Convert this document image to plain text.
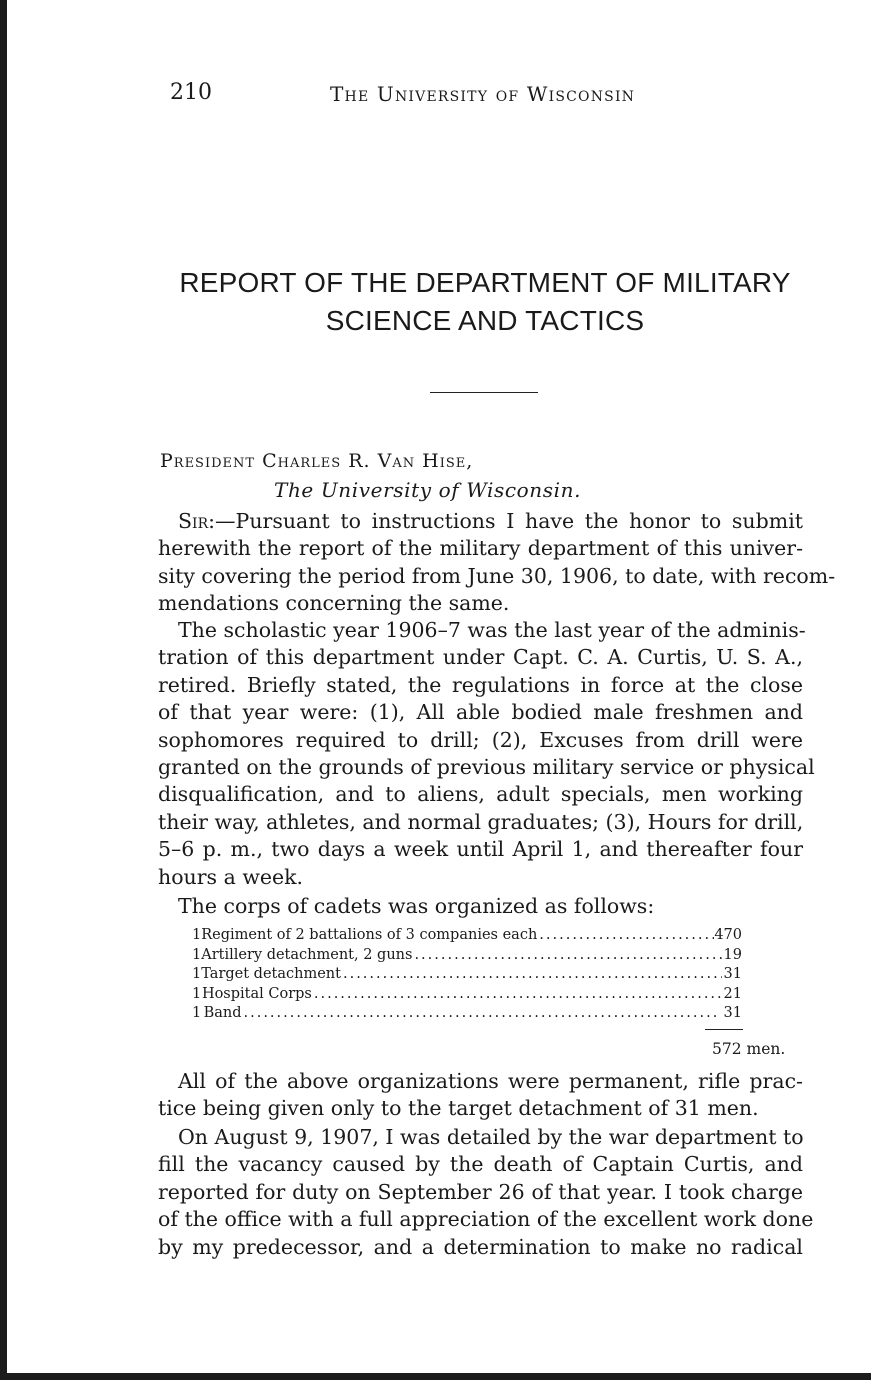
210	The University of Wisconsin
REPORT OF THE DEPARTMENT OF MILITARY
SCIENCE AND TACTICS
President Charles R. Van Hise,
The University of Wisconsin.
Sir:—Pursuant to instructions I have the honor to submit
herewith the report of the military department of this univer-
sity covering the period from June 30, 1906, to date, with recom-
mendations concerning the same.
The scholastic year 1906–7 was the last year of the adminis-
tration of this department under Capt. C. A. Curtis, U. S. A.,
retired. Briefly stated, the regulations in force at the close
of that year were: (1), All able bodied male freshmen and
sophomores required to drill; (2), Excuses from drill were
granted on the grounds of previous military service or physical
disqualification, and to aliens, adult specials, men working
their way, athletes, and normal graduates; (3), Hours for drill,
5–6 p. m., two days a week until April 1, and thereafter four
hours a week.
The corps of cadets was organized as follows:
1 Regiment of 2 battalions of 3 companies each .....	470
1 Artillery detachment, 2 guns .....	19
1 Target detachment .....	31
1 Hospital Corps .....	21
1 Band .....	31
572 men.
All of the above organizations were permanent, rifle prac-
tice being given only to the target detachment of 31 men.
On August 9, 1907, I was detailed by the war department to
fill the vacancy caused by the death of Captain Curtis, and
reported for duty on September 26 of that year. I took charge
of the office with a full appreciation of the excellent work done
by my predecessor, and a determination to make no radical
